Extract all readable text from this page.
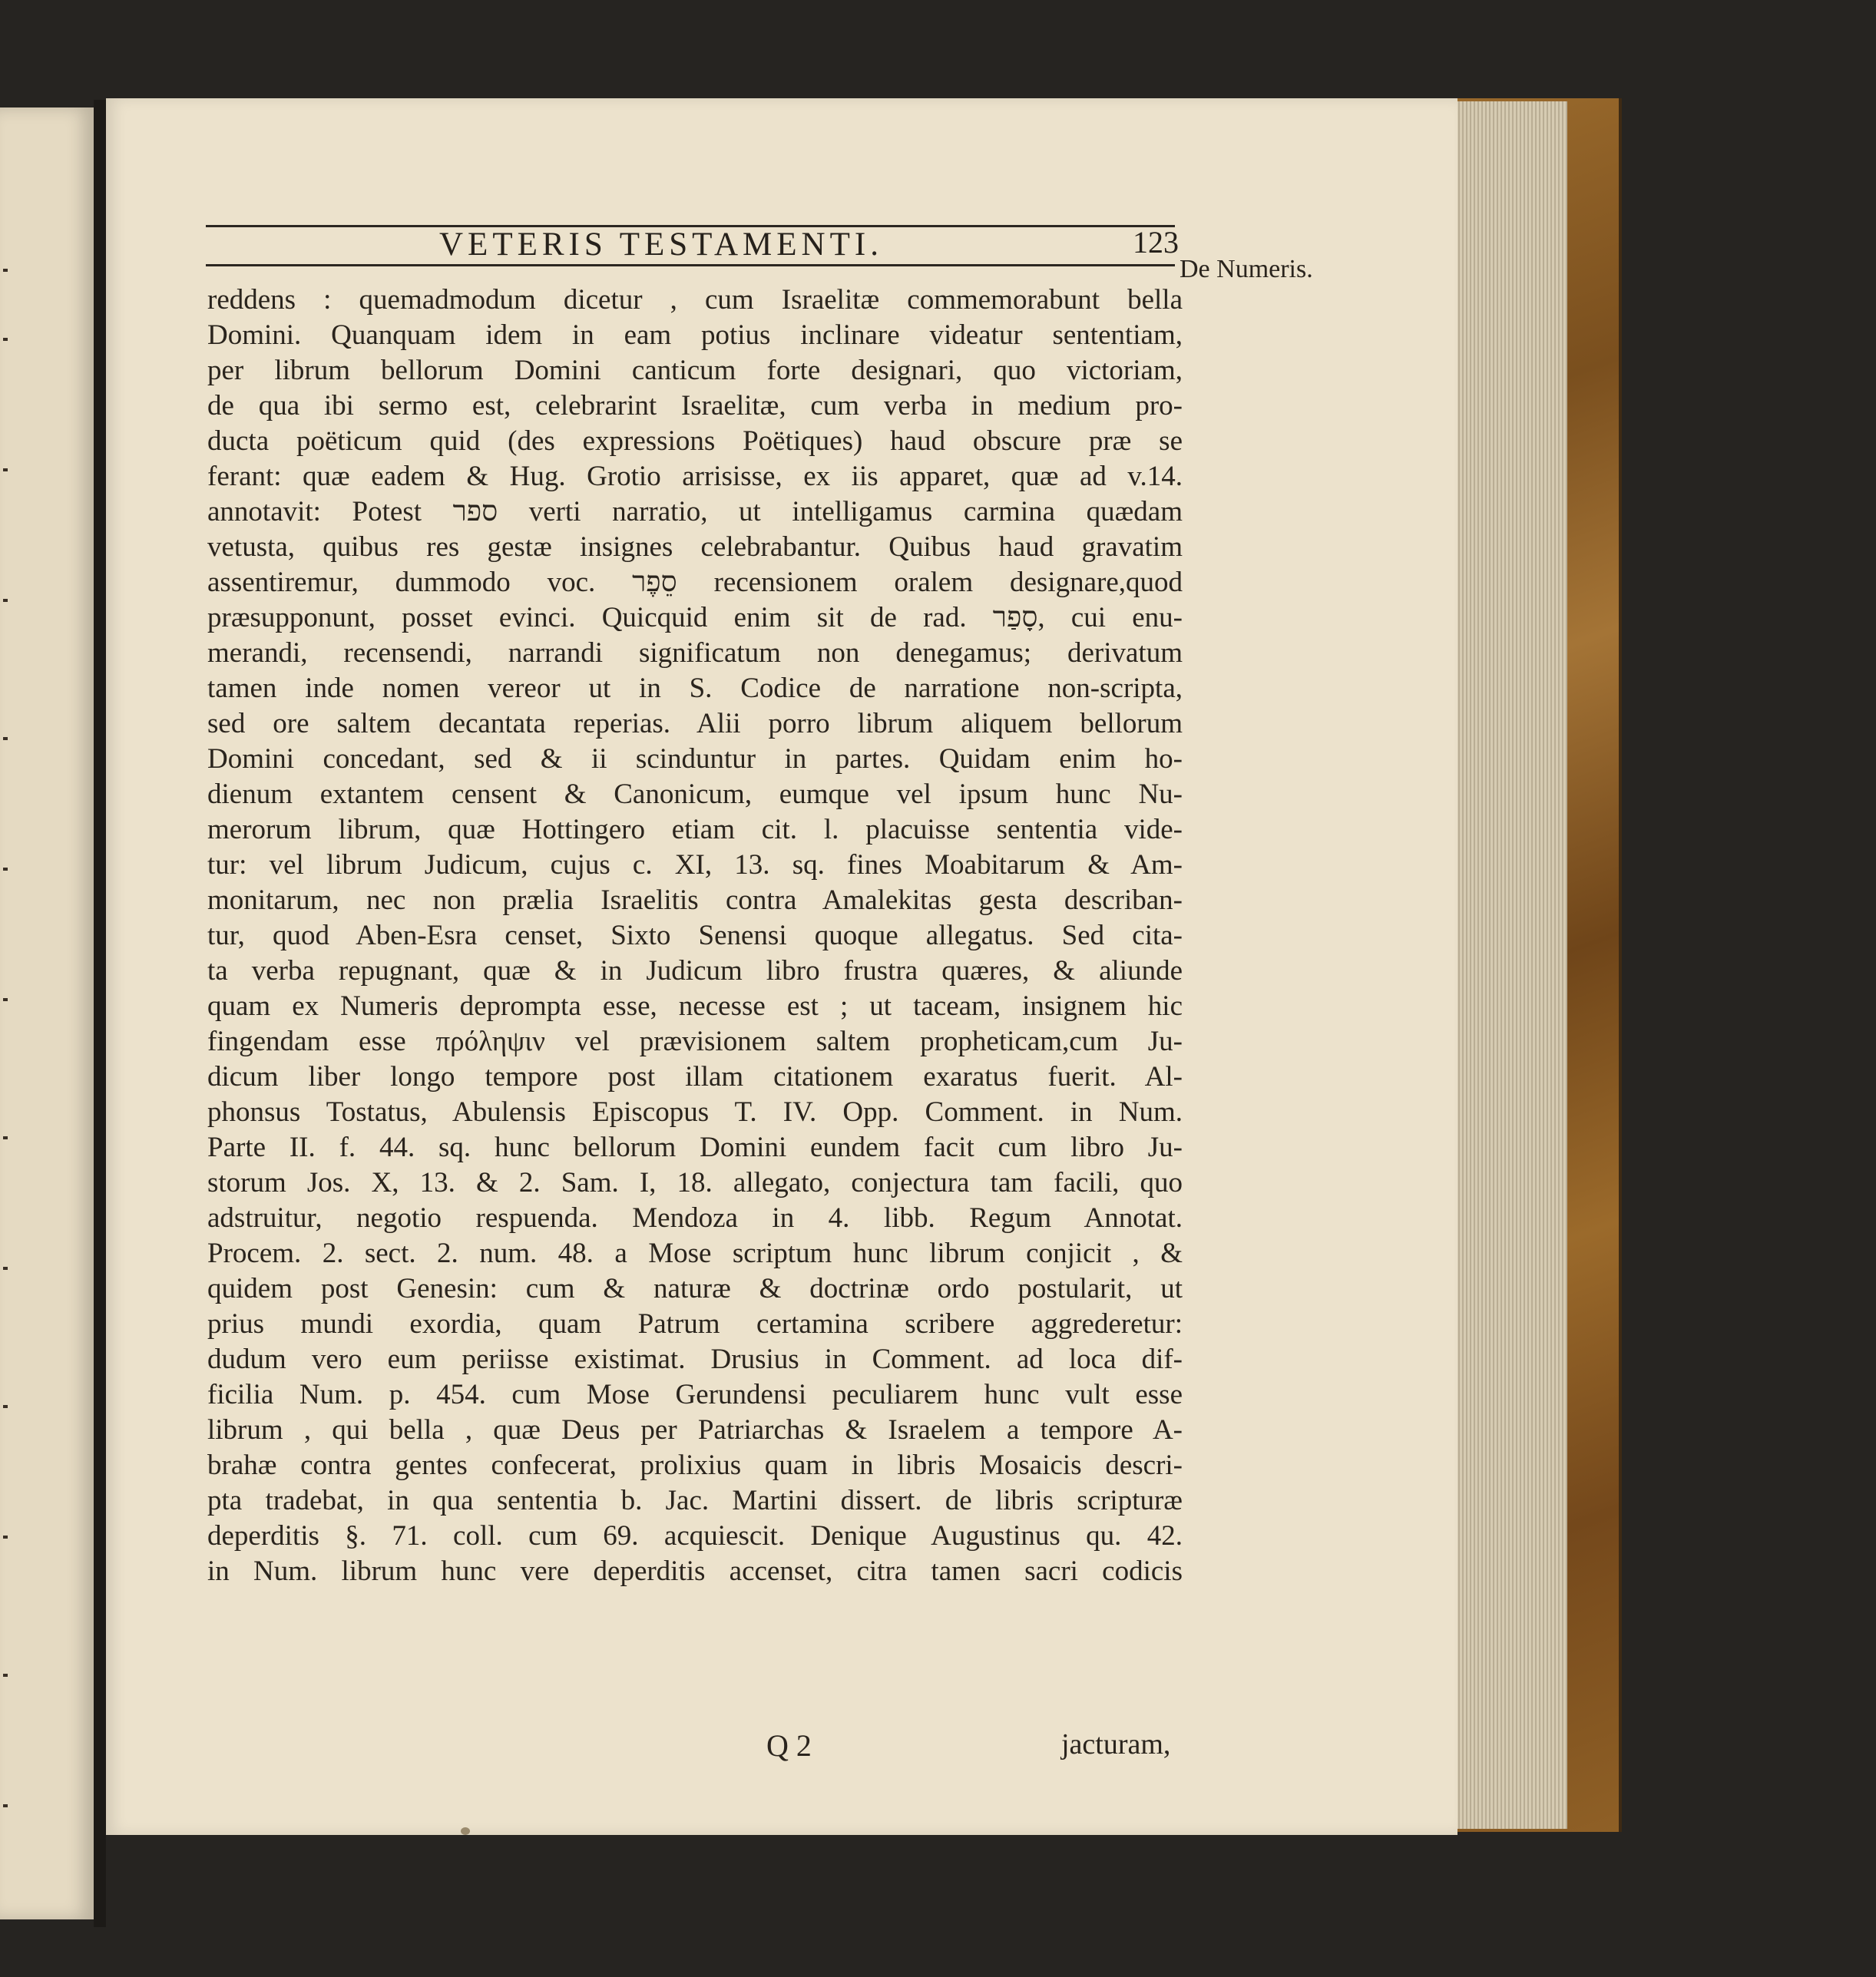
VETERIS TESTAMENTI.	123
De Numeris.
reddens : quemadmodum dicetur , cum Israelitæ commemorabunt bella
Domini. Quanquam idem in eam potius inclinare videatur sententiam,
per librum bellorum Domini canticum forte designari, quo victoriam,
de qua ibi sermo est, celebrarint Israelitæ, cum verba in medium pro-
ducta poëticum quid (des expressions Poëtiques) haud obscure præ se
ferant: quæ eadem & Hug. Grotio arrisisse, ex iis apparet, quæ ad v.14.
annotavit: Potest ספר verti narratio, ut intelligamus carmina quædam
vetusta, quibus res gestæ insignes celebrabantur. Quibus haud gravatim
assentiremur, dummodo voc. סֵפֶר recensionem oralem designare,quod
præsupponunt, posset evinci. Quicquid enim sit de rad. סָפַר, cui enu-
merandi, recensendi, narrandi significatum non denegamus; derivatum
tamen inde nomen vereor ut in S. Codice de narratione non-scripta,
sed ore saltem decantata reperias. Alii porro librum aliquem bellorum
Domini concedant, sed & ii scinduntur in partes. Quidam enim ho-
dienum extantem censent & Canonicum, eumque vel ipsum hunc Nu-
merorum librum, quæ Hottingero etiam cit. l. placuisse sententia vide-
tur: vel librum Judicum, cujus c. XI, 13. sq. fines Moabitarum & Am-
monitarum, nec non prælia Israelitis contra Amalekitas gesta describan-
tur, quod Aben-Esra censet, Sixto Senensi quoque allegatus. Sed cita-
ta verba repugnant, quæ & in Judicum libro frustra quæres, & aliunde
quam ex Numeris deprompta esse, necesse est ; ut taceam, insignem hic
fingendam esse πρόληψιν vel prævisionem saltem propheticam,cum Ju-
dicum liber longo tempore post illam citationem exaratus fuerit. Al-
phonsus Tostatus, Abulensis Episcopus T. IV. Opp. Comment. in Num.
Parte II. f. 44. sq. hunc bellorum Domini eundem facit cum libro Ju-
storum Jos. X, 13. & 2. Sam. I, 18. allegato, conjectura tam facili, quo
adstruitur, negotio respuenda. Mendoza in 4. libb. Regum Annotat.
Procem. 2. sect. 2. num. 48. a Mose scriptum hunc librum conjicit , &
quidem post Genesin: cum & naturæ & doctrinæ ordo postularit, ut
prius mundi exordia, quam Patrum certamina scribere aggrederetur:
dudum vero eum periisse existimat. Drusius in Comment. ad loca dif-
ficilia Num. p. 454. cum Mose Gerundensi peculiarem hunc vult esse
librum , qui bella , quæ Deus per Patriarchas & Israelem a tempore A-
brahæ contra gentes confecerat, prolixius quam in libris Mosaicis descri-
pta tradebat, in qua sententia b. Jac. Martini dissert. de libris scripturæ
deperditis §. 71. coll. cum 69. acquiescit. Denique Augustinus qu. 42.
in Num. librum hunc vere deperditis accenset, citra tamen sacri codicis
Q 2	jacturam,
